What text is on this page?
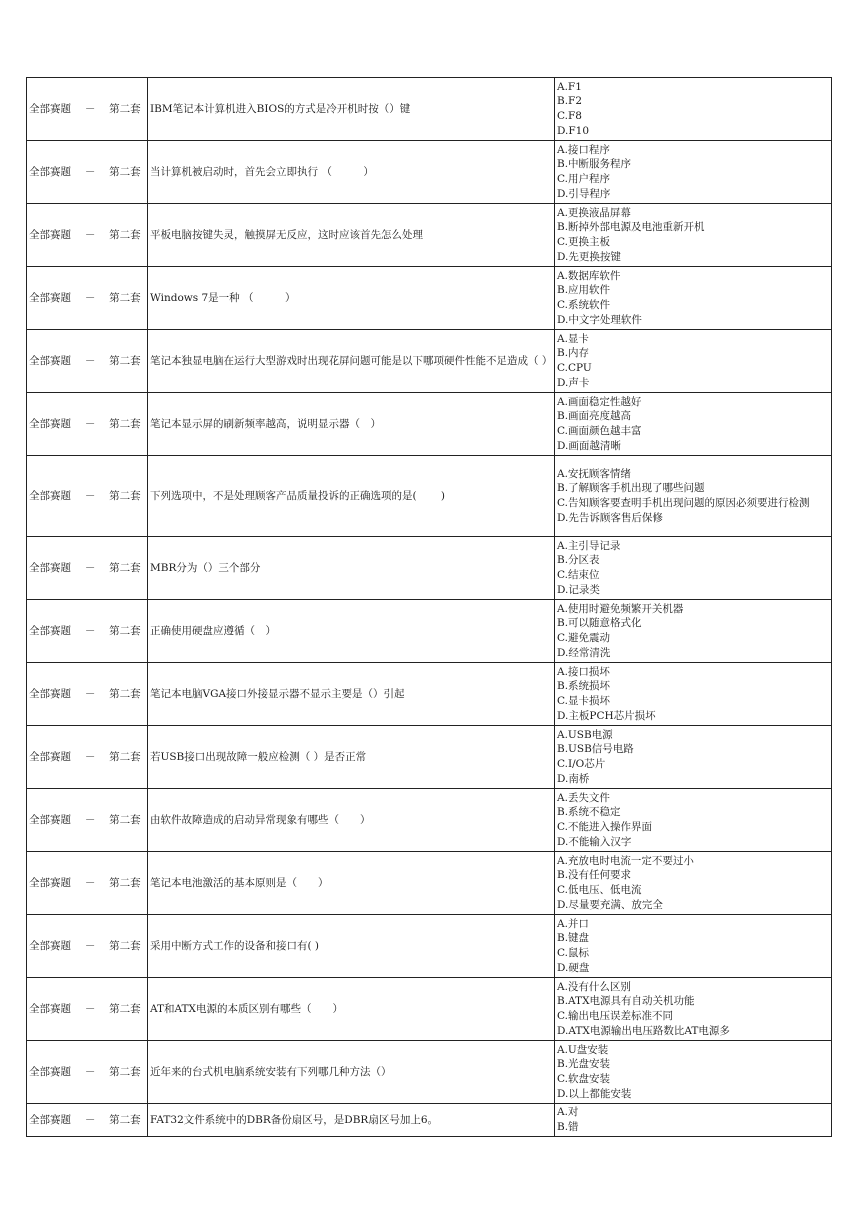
全部赛题 　－　 第二套	IBM笔记本计算机进入BIOS的方式是冷开机时按（）键	A.F1
B.F2
C.F8
D.F10

全部赛题 　－　 第二套	当计算机被启动时，首先会立即执行 （　　　）	A.接口程序
B.中断服务程序
C.用户程序
D.引导程序

全部赛题 　－　 第二套	平板电脑按键失灵，触摸屏无反应，这时应该首先怎么处理	A.更换液晶屏幕
B.断掉外部电源及电池重新开机
C.更换主板
D.先更换按键

全部赛题 　－　 第二套	Windows 7是一种 （　　　）	A.数据库软件
B.应用软件
C.系统软件
D.中文字处理软件

全部赛题 　－　 第二套	笔记本独显电脑在运行大型游戏时出现花屏问题可能是以下哪项硬件性能不足造成（ ）	A.显卡
B.内存
C.CPU
D.声卡

全部赛题 　－　 第二套	笔记本显示屏的刷新频率越高，说明显示器（　）	A.画面稳定性越好
B.画面亮度越高
C.画面颜色越丰富
D.画面越清晰

全部赛题 　－　 第二套	下列选项中，不是处理顾客产品质量投诉的正确选项的是(　　 )	A.安抚顾客情绪
B.了解顾客手机出现了哪些问题
C.告知顾客要查明手机出现问题的原因必须要进行检测
D.先告诉顾客售后保修

全部赛题 　－　 第二套	MBR分为（）三个部分	A.主引导记录
B.分区表
C.结束位
D.记录类

全部赛题 　－　 第二套	正确使用硬盘应遵循（　）	A.使用时避免频繁开关机器
B.可以随意格式化
C.避免震动
D.经常清洗

全部赛题 　－　 第二套	笔记本电脑VGA接口外接显示器不显示主要是（）引起	A.接口损坏
B.系统损坏
C.显卡损坏
D.主板PCH芯片损坏

全部赛题 　－　 第二套	若USB接口出现故障一般应检测（ ）是否正常	A.USB电源
B.USB信号电路
C.I/O芯片
D.南桥

全部赛题 　－　 第二套	由软件故障造成的启动异常现象有哪些（　　）	A.丢失文件
B.系统不稳定
C.不能进入操作界面
D.不能输入汉字

全部赛题 　－　 第二套	笔记本电池激活的基本原则是（　　）	A.充放电时电流一定不要过小
B.没有任何要求
C.低电压、低电流
D.尽量要充满、放完全

全部赛题 　－　 第二套	采用中断方式工作的设备和接口有( )	A.并口
B.键盘
C.鼠标
D.硬盘

全部赛题 　－　 第二套	AT和ATX电源的本质区别有哪些（　　）	A.没有什么区别
B.ATX电源具有自动关机功能
C.输出电压误差标准不同
D.ATX电源输出电压路数比AT电源多

全部赛题 　－　 第二套	近年来的台式机电脑系统安装有下列哪几种方法（）	A.U盘安装
B.光盘安装
C.软盘安装
D.以上都能安装

全部赛题 　－　 第二套	FAT32文件系统中的DBR备份扇区号，是DBR扇区号加上6。	A.对
B.错
